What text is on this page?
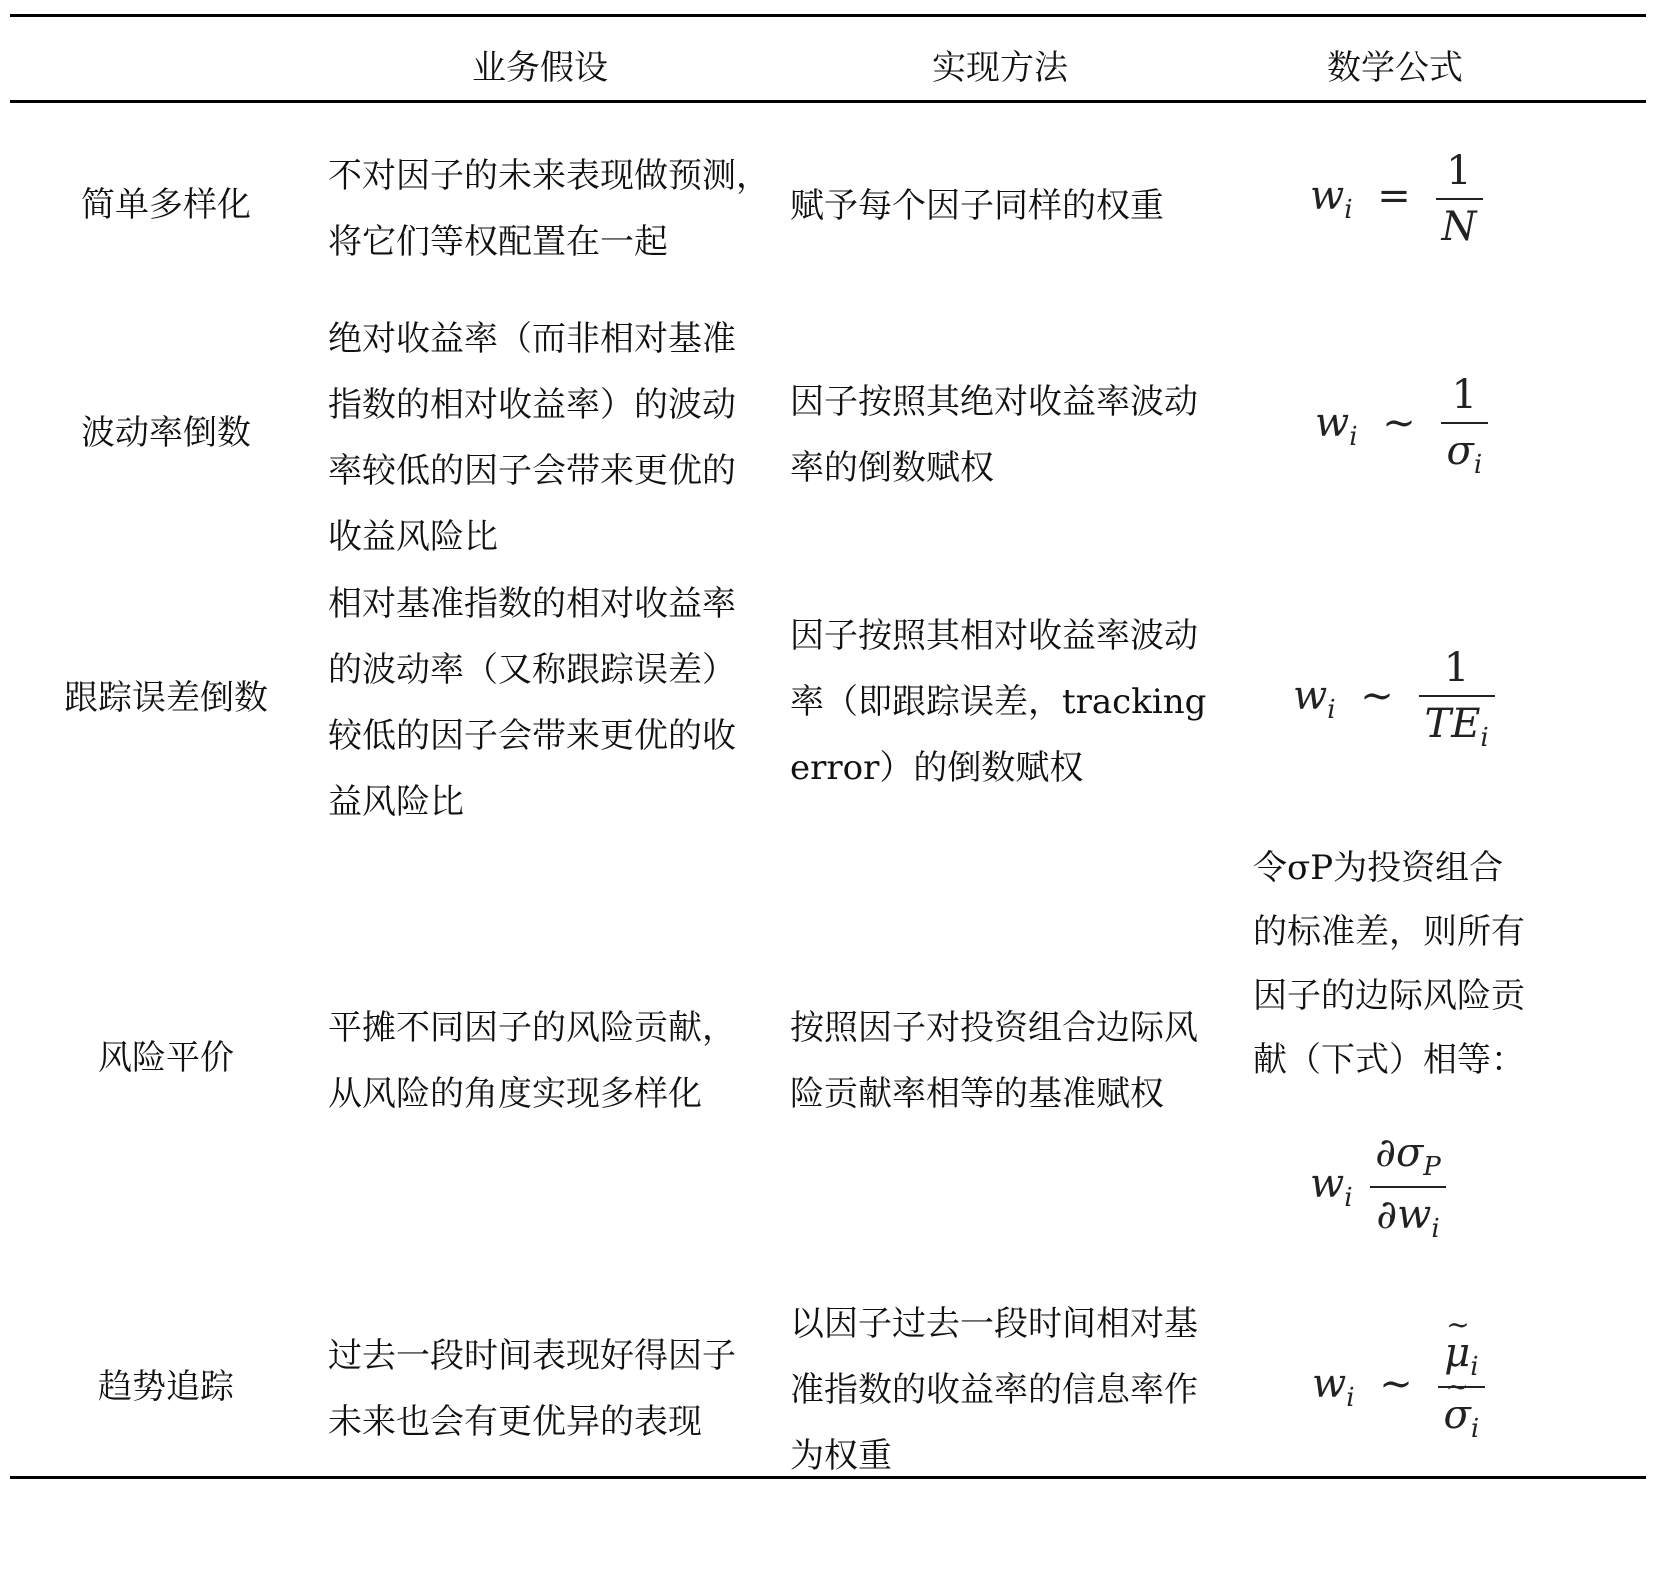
业务假设	实现方法	数学公式
简单多样化
不对因子的未来表现做预测，
将它们等权配置在一起
赋予每个因子同样的权重	$w_i = \frac{1}{N}$
波动率倒数
绝对收益率（而非相对基准
指数的相对收益率）的波动
率较低的因子会带来更优的
收益风险比
因子按照其绝对收益率波动
率的倒数赋权
$w_i$ ∼ $\frac{1}{\sigma_i}$
跟踪误差倒数
相对基准指数的相对收益率
的波动率（又称跟踪误差）
较低的因子会带来更优的收
益风险比
因子按照其相对收益率波动
率（即跟踪误差，tracking
error）的倒数赋权
$w_i$ ∼ $\frac{1}{TE_i}$
风险平价
平摊不同因子的风险贡献，
从风险的角度实现多样化
按照因子对投资组合边际风
险贡献率相等的基准赋权
令σP为投资组合
的标准差，则所有
因子的边际风险贡
献（下式）相等：
$w_i \frac{\partial\sigma_P}{\partial w_i}$
趋势追踪
过去一段时间表现好得因子
未来也会有更优异的表现
以因子过去一段时间相对基
准指数的收益率的信息率作
为权重
$w_i$ ∼
~ $\mu_i$
~ $\sigma_i$
